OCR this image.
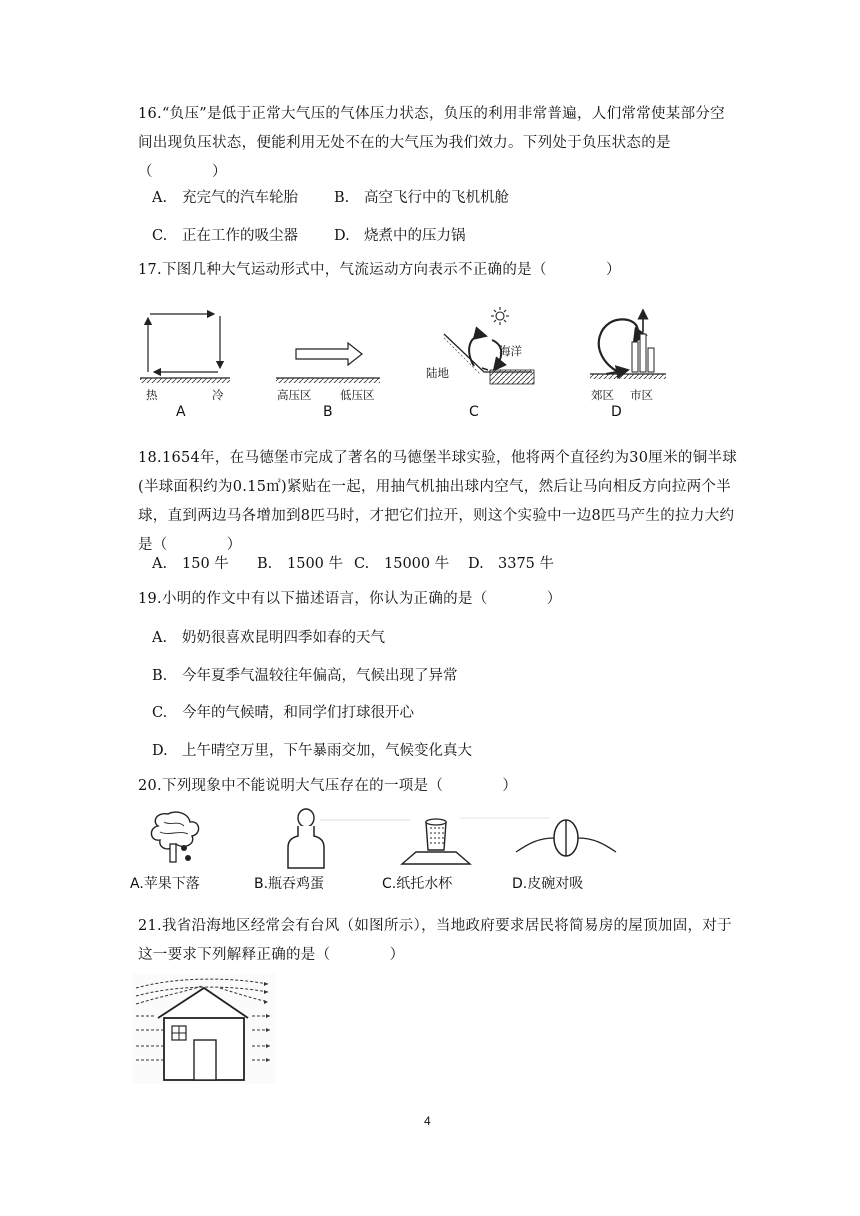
16.“负压”是低于正常大气压的气体压力状态，负压的利用非常普遍，人们常常使某部分空间出现负压状态，便能利用无处不在的大气压为我们效力。下列处于负压状态的是（　　　　）
A. 充完气的汽车轮胎 B. 高空飞行中的飞机机舱
C. 正在工作的吸尘器 D. 烧煮中的压力锅
17.下图几种大气运动形式中，气流运动方向表示不正确的是（　　　　）
热	冷
A
高压区 低压区
B
海洋
陆地
C
郊区 市区
D
18.1654年，在马德堡市完成了著名的马德堡半球实验，他将两个直径约为30厘米的铜半球(半球面积约为0.15㎡)紧贴在一起，用抽气机抽出球内空气，然后让马向相反方向拉两个半球，直到两边马各增加到8匹马时，才把它们拉开，则这个实验中一边8匹马产生的拉力大约是（　　　　）
A. 150 牛 B. 1500 牛 C. 15000 牛 D. 3375 牛
19.小明的作文中有以下描述语言，你认为正确的是（　　　　）
A. 奶奶很喜欢昆明四季如春的天气
B. 今年夏季气温较往年偏高，气候出现了异常
C. 今年的气候晴，和同学们打球很开心
D. 上午晴空万里，下午暴雨交加，气候变化真大
20.下列现象中不能说明大气压存在的一项是（　　　　）
A.苹果下落	B.瓶吞鸡蛋	C.纸托水杯	D.皮碗对吸
21.我省沿海地区经常会有台风（如图所示），当地政府要求居民将简易房的屋顶加固，对于这一要求下列解释正确的是（　　　　）
4
